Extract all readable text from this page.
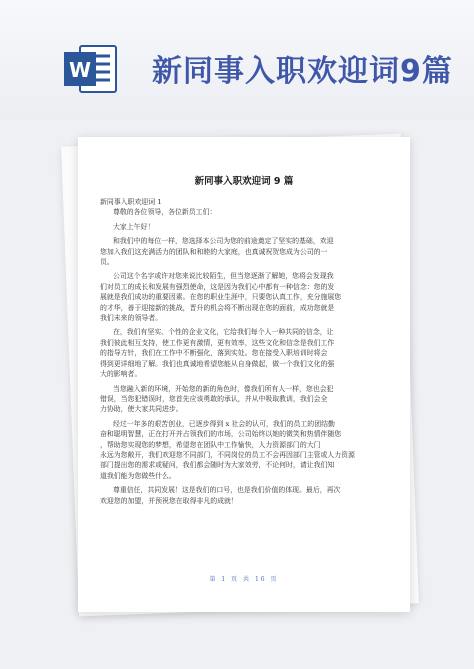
W 新同事入职欢迎词9篇
新同事入职欢迎词 9 篇

新同事入职欢迎词 1

尊敬的各位领导，各位新员工们：

大家上午好！

和我们中的每位一样，您选择本公司为您的前途奠定了坚实的基础，欢迎

您加入我们这充满活力的团队和和睦的大家庭，也真诚祝贺您成为公司的一

员。

公司这个名字或许对您来说比较陌生，但当您逐渐了解她，您将会发现我

们对员工的成长和发展有强烈使命，这是因为我们心中都有一种信念：您的发

展就是我们成功的重要因素。在您的职业生涯中，只要您认真工作，充分施展您

的才华，善于迎接新的挑战，晋升的机会将不断出现在您的面前，成功您就是

我们未来的领导者。

在，我们有坚实、个性的企业文化，它给我们每个人一种共同的信念，让

我们彼此相互支持，使工作更有激情，更有效率，这些文化和信念是我们工作

的指导方针，我们在工作中不断强化，落到实处。您在接受入职培训时将会

得到更详细地了解。我们也真诚地希望您能从自身做起，做一个我们文化的强

大的影响者。

当您融入新的环境，开始您的新的角色时，像我们所有人一样，您也会犯

错误，当您犯错误时，您首先应该勇敢的承认，并从中吸取教训，我们会全

力协助，使大家共同进步。

经过一年多的艰苦创业，已逐步得到 x 社会的认可，我们的员工的团结勤

奋和聪明智慧，正在打开并占领我们的市场，公司始终以她的微笑和热情伴随您

，帮助您实现您的梦想，希望您在团队中工作愉快，人力资源部门的大门

永远为您敞开，我们欢迎您不同部门，不同岗位的员工不会再因部门主管或人力资源

部门提出您的需求或疑问，我们都会随时为大家效劳，不论何时，请让我们知

道我们能为您做些什么。

尊重信任，共同发展！这是我们的口号，也是我们价值的体现。最后，再次

欢迎您的加盟，并预祝您在取得非凡的成就！

第 1 页 共 16 页
